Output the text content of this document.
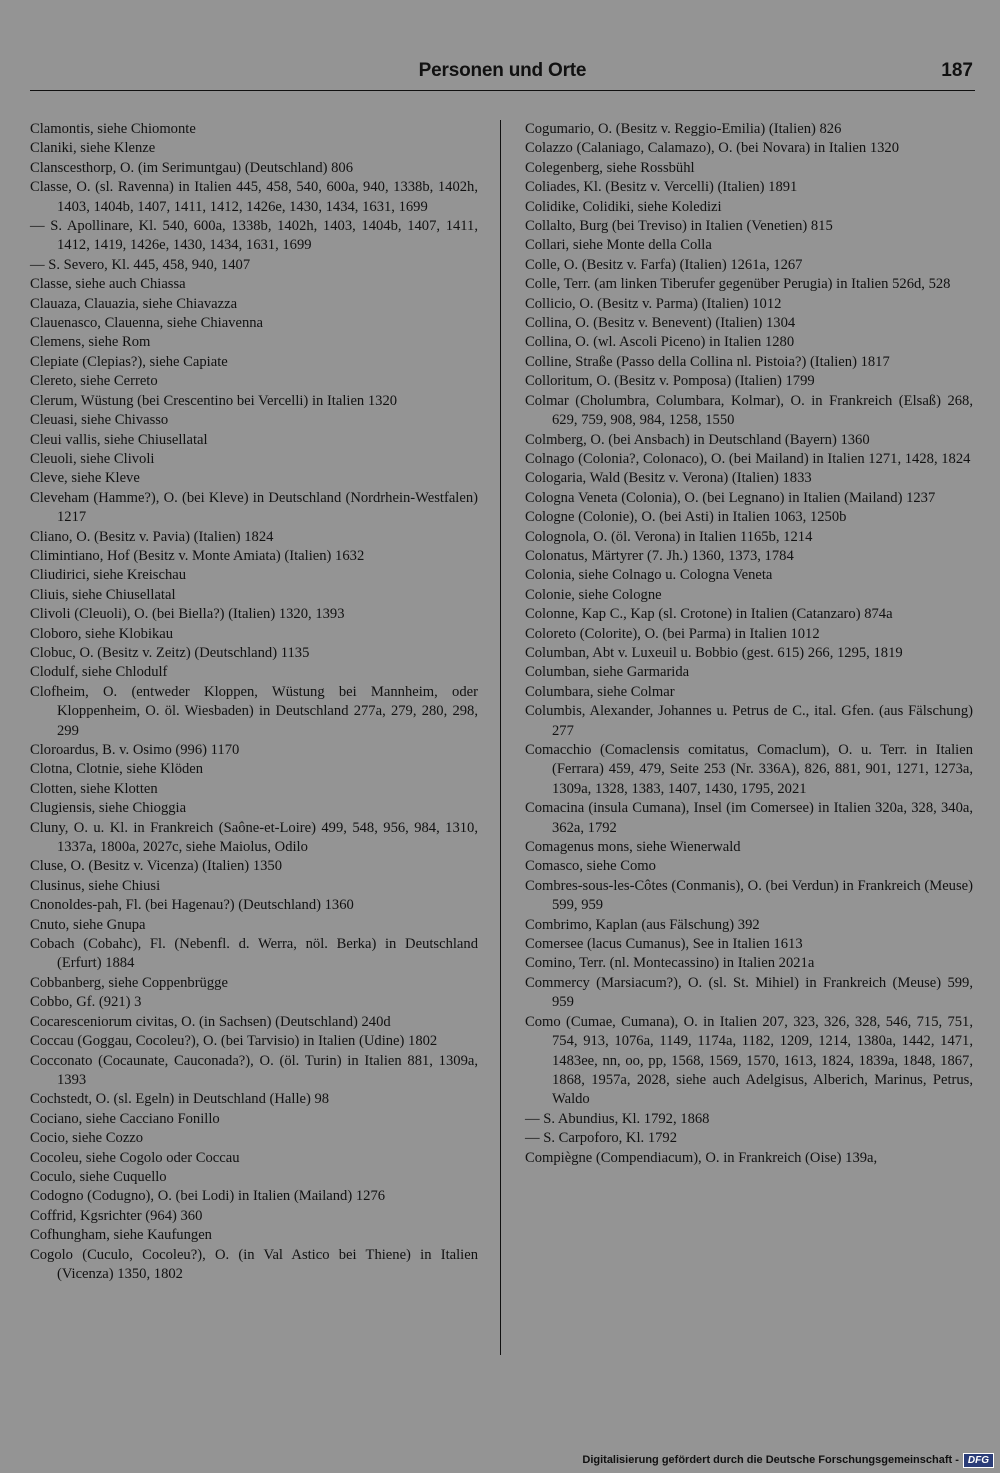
Personen und Orte	187

Clamontis, siehe Chiomonte

Claniki, siehe Klenze

Clanscesthorp, O. (im Serimuntgau) (Deutschland) 806

Classe, O. (sl. Ravenna) in Italien 445, 458, 540, 600a, 940, 1338b, 1402h, 1403, 1404b, 1407, 1411, 1412, 1426e, 1430, 1434, 1631, 1699

— S. Apollinare, Kl. 540, 600a, 1338b, 1402h, 1403, 1404b, 1407, 1411, 1412, 1419, 1426e, 1430, 1434, 1631, 1699

— S. Severo, Kl. 445, 458, 940, 1407

Classe, siehe auch Chiassa

Clauaza, Clauazia, siehe Chiavazza

Clauenasco, Clauenna, siehe Chiavenna

Clemens, siehe Rom

Clepiate (Clepias?), siehe Capiate

Clereto, siehe Cerreto

Clerum, Wüstung (bei Crescentino bei Vercelli) in Italien 1320

Cleuasi, siehe Chivasso

Cleui vallis, siehe Chiusellatal

Cleuoli, siehe Clivoli

Cleve, siehe Kleve

Cleveham (Hamme?), O. (bei Kleve) in Deutschland (Nordrhein-Westfalen) 1217

Cliano, O. (Besitz v. Pavia) (Italien) 1824

Climintiano, Hof (Besitz v. Monte Amiata) (Italien) 1632

Cliudirici, siehe Kreischau

Cliuis, siehe Chiusellatal

Clivoli (Cleuoli), O. (bei Biella?) (Italien) 1320, 1393

Cloboro, siehe Klobikau

Clobuc, O. (Besitz v. Zeitz) (Deutschland) 1135

Clodulf, siehe Chlodulf

Clofheim, O. (entweder Kloppen, Wüstung bei Mannheim, oder Kloppenheim, O. öl. Wiesbaden) in Deutschland 277a, 279, 280, 298, 299

Cloroardus, B. v. Osimo (996) 1170

Clotna, Clotnie, siehe Klöden

Clotten, siehe Klotten

Clugiensis, siehe Chioggia

Cluny, O. u. Kl. in Frankreich (Saône-et-Loire) 499, 548, 956, 984, 1310, 1337a, 1800a, 2027c, siehe Maiolus, Odilo

Cluse, O. (Besitz v. Vicenza) (Italien) 1350

Clusinus, siehe Chiusi

Cnonoldes-pah, Fl. (bei Hagenau?) (Deutschland) 1360

Cnuto, siehe Gnupa

Cobach (Cobahc), Fl. (Nebenfl. d. Werra, nöl. Berka) in Deutschland (Erfurt) 1884

Cobbanberg, siehe Coppenbrügge

Cobbo, Gf. (921) 3

Cocaresceniorum civitas, O. (in Sachsen) (Deutschland) 240d

Coccau (Goggau, Cocoleu?), O. (bei Tarvisio) in Italien (Udine) 1802

Cocconato (Cocaunate, Cauconada?), O. (öl. Turin) in Italien 881, 1309a, 1393

Cochstedt, O. (sl. Egeln) in Deutschland (Halle) 98

Cociano, siehe Cacciano Fonillo

Cocio, siehe Cozzo

Cocoleu, siehe Cogolo oder Coccau

Coculo, siehe Cuquello

Codogno (Codugno), O. (bei Lodi) in Italien (Mailand) 1276

Coffrid, Kgsrichter (964) 360

Cofhungham, siehe Kaufungen

Cogolo (Cuculo, Cocoleu?), O. (in Val Astico bei Thiene) in Italien (Vicenza) 1350, 1802

Cogumario, O. (Besitz v. Reggio-Emilia) (Italien) 826

Colazzo (Calaniago, Calamazo), O. (bei Novara) in Italien 1320

Colegenberg, siehe Rossbühl

Coliades, Kl. (Besitz v. Vercelli) (Italien) 1891

Colidike, Colidiki, siehe Koledizi

Collalto, Burg (bei Treviso) in Italien (Venetien) 815

Collari, siehe Monte della Colla

Colle, O. (Besitz v. Farfa) (Italien) 1261a, 1267

Colle, Terr. (am linken Tiberufer gegenüber Perugia) in Italien 526d, 528

Collicio, O. (Besitz v. Parma) (Italien) 1012

Collina, O. (Besitz v. Benevent) (Italien) 1304

Collina, O. (wl. Ascoli Piceno) in Italien 1280

Colline, Straße (Passo della Collina nl. Pistoia?) (Italien) 1817

Colloritum, O. (Besitz v. Pomposa) (Italien) 1799

Colmar (Cholumbra, Columbara, Kolmar), O. in Frankreich (Elsaß) 268, 629, 759, 908, 984, 1258, 1550

Colmberg, O. (bei Ansbach) in Deutschland (Bayern) 1360

Colnago (Colonia?, Colonaco), O. (bei Mailand) in Italien 1271, 1428, 1824

Cologaria, Wald (Besitz v. Verona) (Italien) 1833

Cologna Veneta (Colonia), O. (bei Legnano) in Italien (Mailand) 1237

Cologne (Colonie), O. (bei Asti) in Italien 1063, 1250b

Colognola, O. (öl. Verona) in Italien 1165b, 1214

Colonatus, Märtyrer (7. Jh.) 1360, 1373, 1784

Colonia, siehe Colnago u. Cologna Veneta

Colonie, siehe Cologne

Colonne, Kap C., Kap (sl. Crotone) in Italien (Catanzaro) 874a

Coloreto (Colorite), O. (bei Parma) in Italien 1012

Columban, Abt v. Luxeuil u. Bobbio (gest. 615) 266, 1295, 1819

Columban, siehe Garmarida

Columbara, siehe Colmar

Columbis, Alexander, Johannes u. Petrus de C., ital. Gfen. (aus Fälschung) 277

Comacchio (Comaclensis comitatus, Comaclum), O. u. Terr. in Italien (Ferrara) 459, 479, Seite 253 (Nr. 336A), 826, 881, 901, 1271, 1273a, 1309a, 1328, 1383, 1407, 1430, 1795, 2021

Comacina (insula Cumana), Insel (im Comersee) in Italien 320a, 328, 340a, 362a, 1792

Comagenus mons, siehe Wienerwald

Comasco, siehe Como

Combres-sous-les-Côtes (Conmanis), O. (bei Verdun) in Frankreich (Meuse) 599, 959

Combrimo, Kaplan (aus Fälschung) 392

Comersee (lacus Cumanus), See in Italien 1613

Comino, Terr. (nl. Montecassino) in Italien 2021a

Commercy (Marsiacum?), O. (sl. St. Mihiel) in Frankreich (Meuse) 599, 959

Como (Cumae, Cumana), O. in Italien 207, 323, 326, 328, 546, 715, 751, 754, 913, 1076a, 1149, 1174a, 1182, 1209, 1214, 1380a, 1442, 1471, 1483ee, nn, oo, pp, 1568, 1569, 1570, 1613, 1824, 1839a, 1848, 1867, 1868, 1957a, 2028, siehe auch Adelgisus, Alberich, Marinus, Petrus, Waldo

— S. Abundius, Kl. 1792, 1868

— S. Carpoforo, Kl. 1792

Compiègne (Compendiacum), O. in Frankreich (Oise) 139a,

Digitalisierung gefördert durch die Deutsche Forschungsgemeinschaft - DFG
